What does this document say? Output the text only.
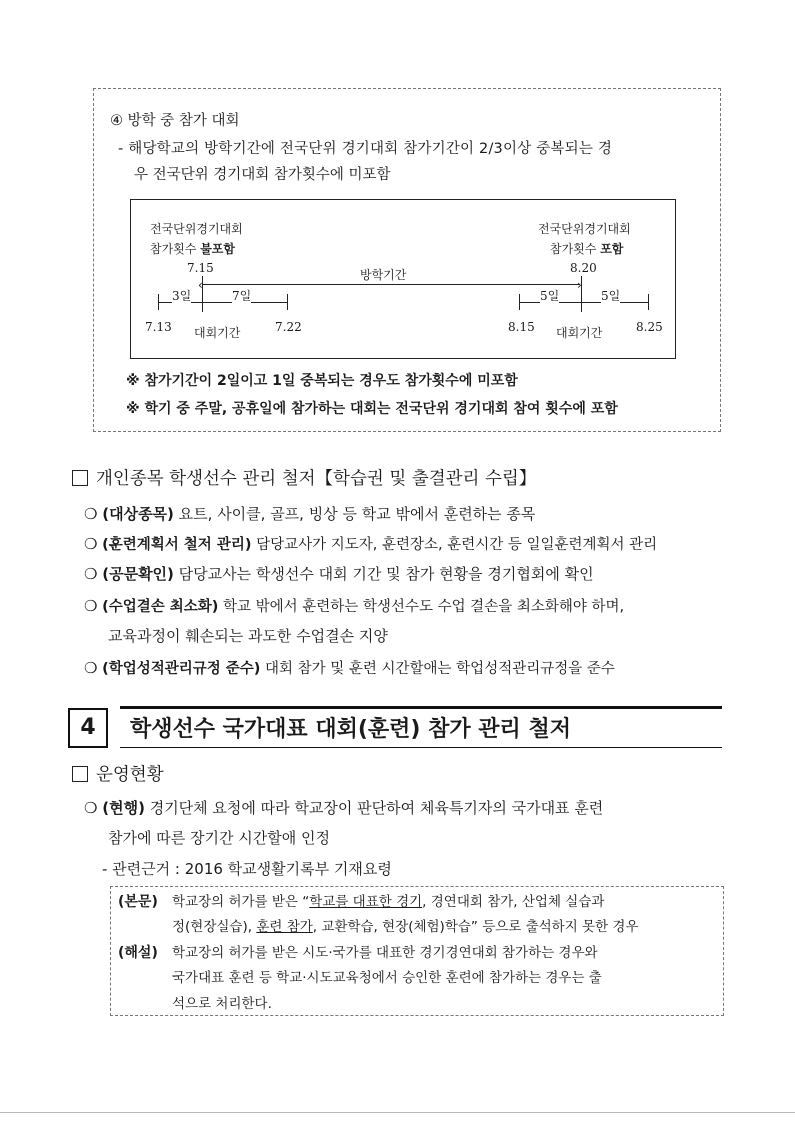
④ 방학 중 참가 대회
- 해당학교의 방학기간에 전국단위 경기대회 참가기간이 2/3이상 중복되는 경
우 전국단위 경기대회 참가횟수에 미포함
전국단위경기대회
참가횟수 불포함
전국단위경기대회
참가횟수 포함
7.15	8.20
방학기간
‹	›
3일	7일	5일	5일
7.13	7.22
대회기간	8.15 대회기간	8.25
※ 참가기간이 2일이고 1일 중복되는 경우도 참가횟수에 미포함
※ 학기 중 주말, 공휴일에 참가하는 대회는 전국단위 경기대회 참여 횟수에 포함
개인종목 학생선수 관리 철저【학습권 및 출결관리 수립】
❍ (대상종목) 요트, 사이클, 골프, 빙상 등 학교 밖에서 훈련하는 종목
❍ (훈련계획서 철저 관리) 담당교사가 지도자, 훈련장소, 훈련시간 등 일일훈련계획서 관리
❍ (공문확인) 담당교사는 학생선수 대회 기간 및 참가 현황을 경기협회에 확인
❍ (수업결손 최소화) 학교 밖에서 훈련하는 학생선수도 수업 결손을 최소화해야 하며,
교육과정이 훼손되는 과도한 수업결손 지양
❍ (학업성적관리규정 준수) 대회 참가 및 훈련 시간할애는 학업성적관리규정을 준수
4	학생선수 국가대표 대회(훈련) 참가 관리 철저
운영현황
❍ (현행) 경기단체 요청에 따라 학교장이 판단하여 체육특기자의 국가대표 훈련
참가에 따른 장기간 시간할애 인정
- 관련근거 : 2016 학교생활기록부 기재요령
(본문) 학교장의 허가를 받은 “학교를 대표한 경기, 경연대회 참가, 산업체 실습과
정(현장실습), 훈련 참가, 교환학습, 현장(체험)학습” 등으로 출석하지 못한 경우
(해설) 학교장의 허가를 받은 시도·국가를 대표한 경기경연대회 참가하는 경우와
국가대표 훈련 등 학교·시도교육청에서 승인한 훈련에 참가하는 경우는 출
석으로 처리한다.
